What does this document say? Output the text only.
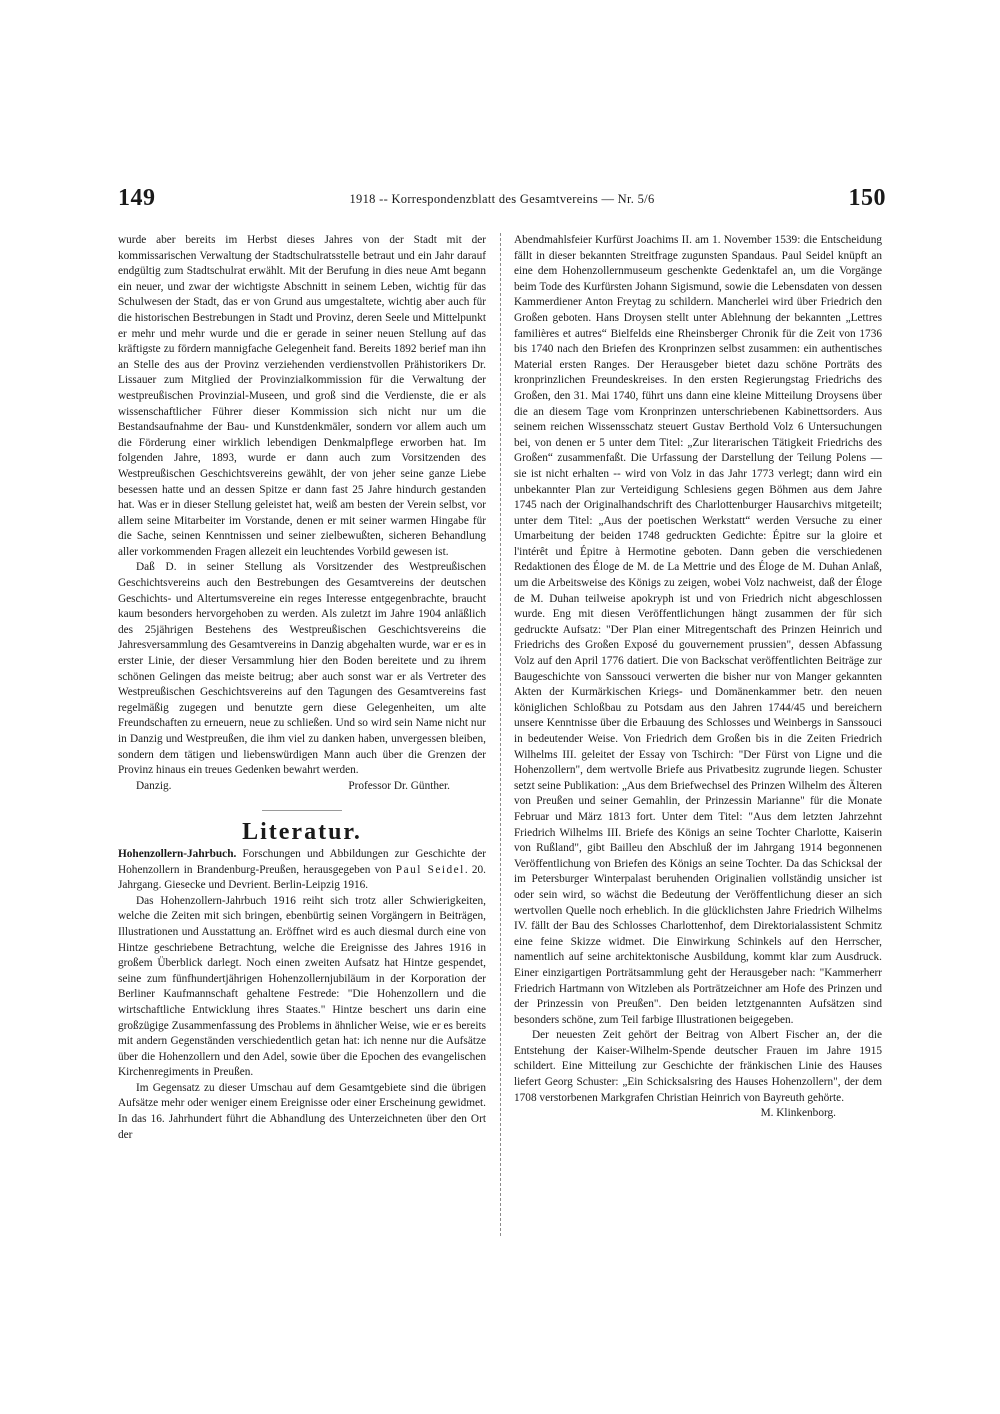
149	1918 -- Korrespondenzblatt des Gesamtvereins — Nr. 5/6	150

wurde aber bereits im Herbst dieses Jahres von der Stadt mit der kommissarischen Verwaltung der Stadtschulratsstelle betraut und ein Jahr darauf endgültig zum Stadtschulrat erwählt. Mit der Berufung in dies neue Amt begann ein neuer, und zwar der wichtigste Abschnitt in seinem Leben, wichtig für das Schulwesen der Stadt, das er von Grund aus umgestaltete, wichtig aber auch für die historischen Bestrebungen in Stadt und Provinz, deren Seele und Mittelpunkt er mehr und mehr wurde und die er gerade in seiner neuen Stellung auf das kräftigste zu fördern mannigfache Gelegenheit fand. Bereits 1892 berief man ihn an Stelle des aus der Provinz verziehenden verdienstvollen Prähistorikers Dr. Lissauer zum Mitglied der Provinzialkommission für die Verwaltung der westpreußischen Provinzial-Museen, und groß sind die Verdienste, die er als wissenschaftlicher Führer dieser Kommission sich nicht nur um die Bestandsaufnahme der Bau- und Kunstdenkmäler, sondern vor allem auch um die Förderung einer wirklich lebendigen Denkmalpflege erworben hat. Im folgenden Jahre, 1893, wurde er dann auch zum Vorsitzenden des Westpreußischen Geschichtsvereins gewählt, der von jeher seine ganze Liebe besessen hatte und an dessen Spitze er dann fast 25 Jahre hindurch gestanden hat. Was er in dieser Stellung geleistet hat, weiß am besten der Verein selbst, vor allem seine Mitarbeiter im Vorstande, denen er mit seiner warmen Hingabe für die Sache, seinen Kenntnissen und seiner zielbewußten, sicheren Behandlung aller vorkommenden Fragen allezeit ein leuchtendes Vorbild gewesen ist.

Daß D. in seiner Stellung als Vorsitzender des Westpreußischen Geschichtsvereins auch den Bestrebungen des Gesamtvereins der deutschen Geschichts- und Altertumsvereine ein reges Interesse entgegenbrachte, braucht kaum besonders hervorgehoben zu werden. Als zuletzt im Jahre 1904 anläßlich des 25jährigen Bestehens des Westpreußischen Geschichtsvereins die Jahresversammlung des Gesamtvereins in Danzig abgehalten wurde, war er es in erster Linie, der dieser Versammlung hier den Boden bereitete und zu ihrem schönen Gelingen das meiste beitrug; aber auch sonst war er als Vertreter des Westpreußischen Geschichtsvereins auf den Tagungen des Gesamtvereins fast regelmäßig zugegen und benutzte gern diese Gelegenheiten, um alte Freundschaften zu erneuern, neue zu schließen. Und so wird sein Name nicht nur in Danzig und Westpreußen, die ihm viel zu danken haben, unvergessen bleiben, sondern dem tätigen und liebenswürdigen Mann auch über die Grenzen der Provinz hinaus ein treues Gedenken bewahrt werden.

Danzig.	Professor Dr. Günther.
Literatur.

Hohenzollern-Jahrbuch. Forschungen und Abbildungen zur Geschichte der Hohenzollern in Brandenburg-Preußen, herausgegeben von Paul Seidel. 20. Jahrgang. Giesecke und Devrient. Berlin-Leipzig 1916.

Das Hohenzollern-Jahrbuch 1916 reiht sich trotz aller Schwierigkeiten, welche die Zeiten mit sich bringen, ebenbürtig seinen Vorgängern in Beiträgen, Illustrationen und Ausstattung an. Eröffnet wird es auch diesmal durch eine von Hintze geschriebene Betrachtung, welche die Ereignisse des Jahres 1916 in großem Überblick darlegt. Noch einen zweiten Aufsatz hat Hintze gespendet, seine zum fünfhundertjährigen Hohenzollernjubiläum in der Korporation der Berliner Kaufmannschaft gehaltene Festrede: "Die Hohenzollern und die wirtschaftliche Entwicklung ihres Staates." Hintze beschert uns darin eine großzügige Zusammenfassung des Problems in ähnlicher Weise, wie er es bereits mit andern Gegenständen verschiedentlich getan hat: ich nenne nur die Aufsätze über die Hohenzollern und den Adel, sowie über die Epochen des evangelischen Kirchenregiments in Preußen.

Im Gegensatz zu dieser Umschau auf dem Gesamtgebiete sind die übrigen Aufsätze mehr oder weniger einem Ereignisse oder einer Erscheinung gewidmet. In das 16. Jahrhundert führt die Abhandlung des Unterzeichneten über den Ort der

Abendmahlsfeier Kurfürst Joachims II. am 1. November 1539: die Entscheidung fällt in dieser bekannten Streitfrage zugunsten Spandaus. Paul Seidel knüpft an eine dem Hohenzollernmuseum geschenkte Gedenktafel an, um die Vorgänge beim Tode des Kurfürsten Johann Sigismund, sowie die Lebensdaten von dessen Kammerdiener Anton Freytag zu schildern. Mancherlei wird über Friedrich den Großen geboten. Hans Droysen stellt unter Ablehnung der bekannten „Lettres familières et autres“ Bielfelds eine Rheinsberger Chronik für die Zeit von 1736 bis 1740 nach den Briefen des Kronprinzen selbst zusammen: ein authentisches Material ersten Ranges. Der Herausgeber bietet dazu schöne Porträts des kronprinzlichen Freundeskreises. In den ersten Regierungstag Friedrichs des Großen, den 31. Mai 1740, führt uns dann eine kleine Mitteilung Droysens über die an diesem Tage vom Kronprinzen unterschriebenen Kabinettsorders. Aus seinem reichen Wissensschatz steuert Gustav Berthold Volz 6 Untersuchungen bei, von denen er 5 unter dem Titel: „Zur literarischen Tätigkeit Friedrichs des Großen“ zusammenfaßt. Die Urfassung der Darstellung der Teilung Polens — sie ist nicht erhalten -- wird von Volz in das Jahr 1773 verlegt; dann wird ein unbekannter Plan zur Verteidigung Schlesiens gegen Böhmen aus dem Jahre 1745 nach der Originalhandschrift des Charlottenburger Hausarchivs mitgeteilt; unter dem Titel: „Aus der poetischen Werkstatt“ werden Versuche zu einer Umarbeitung der beiden 1748 gedruckten Gedichte: Épitre sur la gloire et l'intérêt und Épitre à Hermotine geboten. Dann geben die verschiedenen Redaktionen des Éloge de M. de La Mettrie und des Éloge de M. Duhan Anlaß, um die Arbeitsweise des Königs zu zeigen, wobei Volz nachweist, daß der Éloge de M. Duhan teilweise apokryph ist und von Friedrich nicht abgeschlossen wurde. Eng mit diesen Veröffentlichungen hängt zusammen der für sich gedruckte Aufsatz: "Der Plan einer Mitregentschaft des Prinzen Heinrich und Friedrichs des Großen Exposé du gouvernement prussien", dessen Abfassung Volz auf den April 1776 datiert. Die von Backschat veröffentlichten Beiträge zur Baugeschichte von Sanssouci verwerten die bisher nur von Manger gekannten Akten der Kurmärkischen Kriegs- und Domänenkammer betr. den neuen königlichen Schloßbau zu Potsdam aus den Jahren 1744/45 und bereichern unsere Kenntnisse über die Erbauung des Schlosses und Weinbergs in Sanssouci in bedeutender Weise. Von Friedrich dem Großen bis in die Zeiten Friedrich Wilhelms III. geleitet der Essay von Tschirch: "Der Fürst von Ligne und die Hohenzollern", dem wertvolle Briefe aus Privatbesitz zugrunde liegen. Schuster setzt seine Publikation: „Aus dem Briefwechsel des Prinzen Wilhelm des Älteren von Preußen und seiner Gemahlin, der Prinzessin Marianne" für die Monate Februar und März 1813 fort. Unter dem Titel: "Aus dem letzten Jahrzehnt Friedrich Wilhelms III. Briefe des Königs an seine Tochter Charlotte, Kaiserin von Rußland", gibt Bailleu den Abschluß der im Jahrgang 1914 begonnenen Veröffentlichung von Briefen des Königs an seine Tochter. Da das Schicksal der im Petersburger Winterpalast beruhenden Originalien vollständig unsicher ist oder sein wird, so wächst die Bedeutung der Veröffentlichung dieser an sich wertvollen Quelle noch erheblich. In die glücklichsten Jahre Friedrich Wilhelms IV. fällt der Bau des Schlosses Charlottenhof, dem Direktorialassistent Schmitz eine feine Skizze widmet. Die Einwirkung Schinkels auf den Herrscher, namentlich auf seine architektonische Ausbildung, kommt klar zum Ausdruck. Einer einzigartigen Porträtsammlung geht der Herausgeber nach: "Kammerherr Friedrich Hartmann von Witzleben als Porträtzeichner am Hofe des Prinzen und der Prinzessin von Preußen". Den beiden letztgenannten Aufsätzen sind besonders schöne, zum Teil farbige Illustrationen beigegeben.

Der neuesten Zeit gehört der Beitrag von Albert Fischer an, der die Entstehung der Kaiser-Wilhelm-Spende deutscher Frauen im Jahre 1915 schildert. Eine Mitteilung zur Geschichte der fränkischen Linie des Hauses liefert Georg Schuster: „Ein Schicksalsring des Hauses Hohenzollern", der dem 1708 verstorbenen Markgrafen Christian Heinrich von Bayreuth gehörte.

M. Klinkenborg.
